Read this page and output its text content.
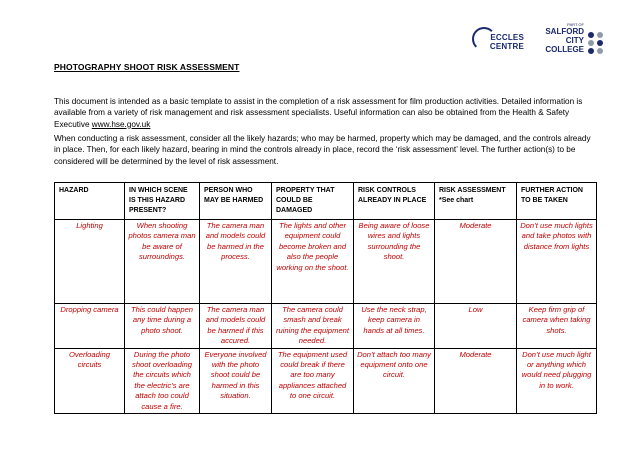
ECCLES
CENTRE
PART OF
SALFORD
CITY
COLLEGE
PHOTOGRAPHY SHOOT RISK ASSESSMENT

This document is intended as a basic template to assist in the completion of a risk assessment for film production activities. Detailed information is available from a variety of risk management and risk assessment specialists. Useful information can also be obtained from the Health & Safety Executive www.hse.gov.uk

When conducting a risk assessment, consider all the likely hazards; who may be harmed, property which may be damaged, and the controls already in place. Then, for each likely hazard, bearing in mind the controls already in place, record the ‘risk assessment’ level. The further action(s) to be considered will be determined by the level of risk assessment.

HAZARD	IN WHICH SCENE IS THIS HAZARD PRESENT?	PERSON WHO MAY BE HARMED	PROPERTY THAT COULD BE DAMAGED	RISK CONTROLS ALREADY IN PLACE	RISK ASSESSMENT *See chart	FURTHER ACTION TO BE TAKEN
Lighting	When shooting photos camera man be aware of surroundings.	The camera man and models could be harmed in the process.	The lights and other equipment could become broken and also the people working on the shoot.	Being aware of loose wires and lights surrounding the shoot.	Moderate	Don’t use much lights and take photos with distance from lights
Dropping camera	This could happen any time during a photo shoot.	The camera man and models could be harmed if this accured.	The camera could smash and break ruining the equipment needed.	Use the neck strap, keep camera in hands at all times.	Low	Keep firm grip of camera when taking shots.
Overloading circuits	During the photo shoot overloading the circuits which the electric’s are attach too could cause a fire.	Everyone involved with the photo shoot could be harmed in this situation.	The equipment used could break if there are too many appliances attached to one circuit.	Don’t attach too many equipment onto one circuit.	Moderate	Don’t use much light or anything which would need plugging in to work.
